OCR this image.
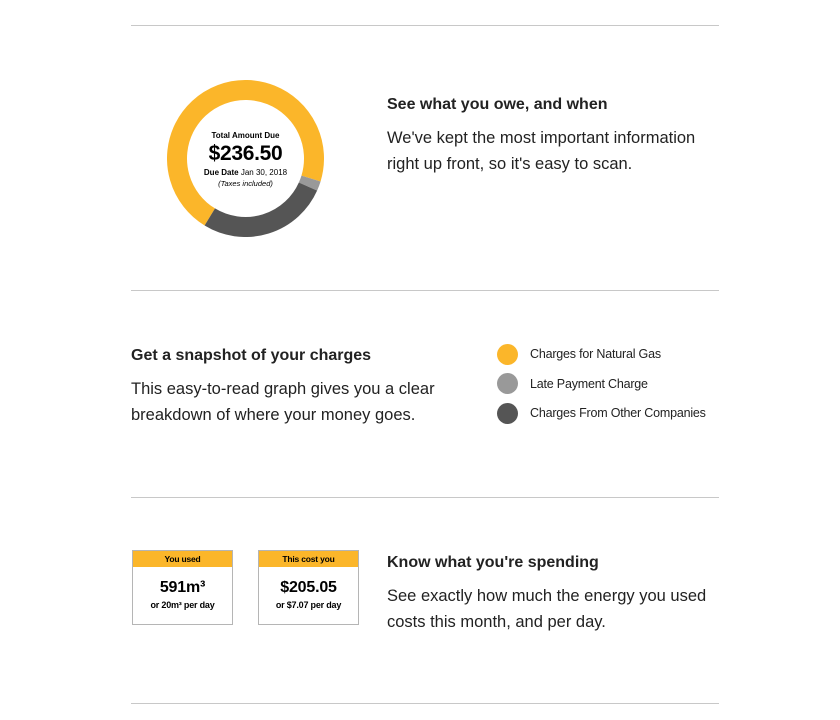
Total Amount Due
$236.50
Due Date Jan 30, 2018
(Taxes included)
See what you owe, and when
We've kept the most important information right up front, so it's easy to scan.
Get a snapshot of your charges
This easy-to-read graph gives you a clear breakdown of where your money goes.
Charges for Natural Gas
Late Payment Charge
Charges From Other Companies
You used
591m³
or 20m³ per day
This cost you
$205.05
or $7.07 per day
Know what you're spending
See exactly how much the energy you used costs this month, and per day.
